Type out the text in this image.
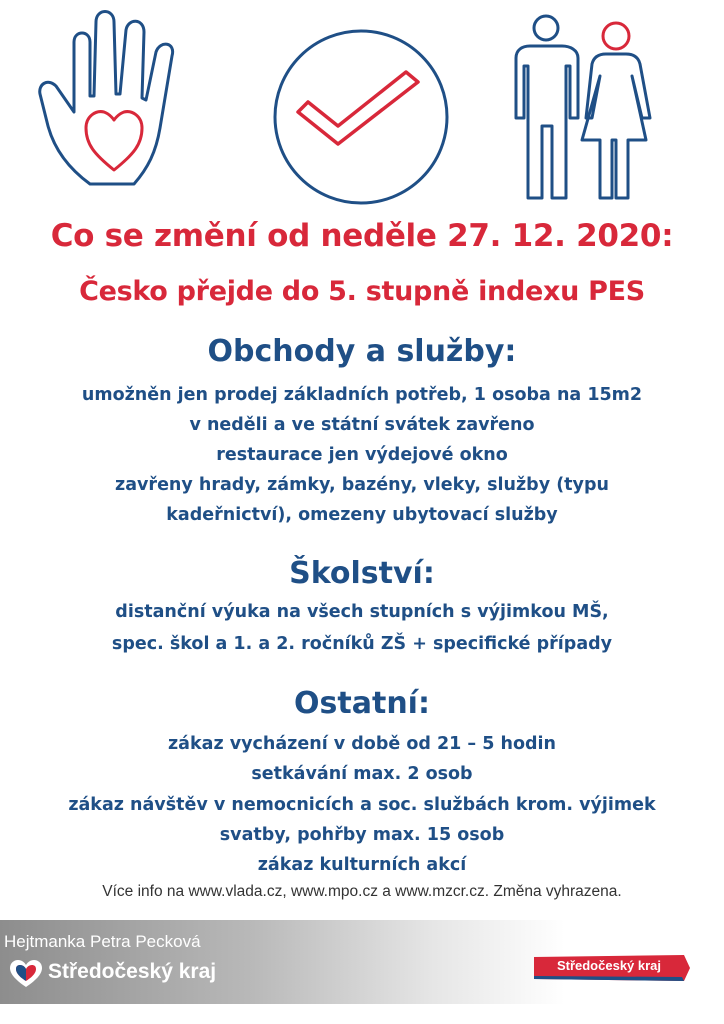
Co se změní od neděle 27. 12. 2020:
Česko přejde do 5. stupně indexu PES
Obchody a služby:
umožněn jen prodej základních potřeb, 1 osoba na 15m2
v neděli a ve státní svátek zavřeno
restaurace jen výdejové okno
zavřeny hrady, zámky, bazény, vleky, služby (typu
kadeřnictví), omezeny ubytovací služby
Školství:
distanční výuka na všech stupních s výjimkou MŠ,
spec. škol a 1. a 2. ročníků ZŠ + specifické případy
Ostatní:
zákaz vycházení v době od 21 – 5 hodin
setkávání max. 2 osob
zákaz návštěv v nemocnicích a soc. službách krom. výjimek
svatby, pohřby max. 15 osob
zákaz kulturních akcí
Více info na www.vlada.cz, www.mpo.cz a www.mzcr.cz. Změna vyhrazena.
Hejtmanka Petra Pecková
Středočeský kraj	Středočeský kraj
